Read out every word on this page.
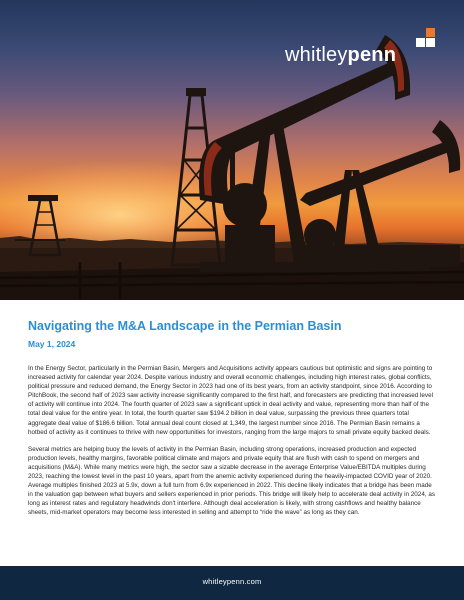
whitleypenn
Navigating the M&A Landscape in the Permian Basin
May 1, 2024

In the Energy Sector, particularly in the Permian Basin, Mergers and Acquisitions activity appears cautious but optimistic and signs are pointing to increased activity for calendar year 2024. Despite various industry and overall economic challenges, including high interest rates, global conflicts, political pressure and reduced demand, the Energy Sector in 2023 had one of its best years, from an activity standpoint, since 2016. According to PitchBook, the second half of 2023 saw activity increase significantly compared to the first half, and forecasters are predicting that increased level of activity will continue into 2024. The fourth quarter of 2023 saw a significant uptick in deal activity and value, representing more than half of the total deal value for the entire year. In total, the fourth quarter saw $194.2 billion in deal value, surpassing the previous three quarters total aggregate deal value of $186.6 billion. Total annual deal count closed at 1,349, the largest number since 2016. The Permian Basin remains a hotbed of activity as it continues to thrive with new opportunities for investors, ranging from the large majors to small private equity backed deals.

Several metrics are helping buoy the levels of activity in the Permian Basin, including strong operations, increased production and expected production levels, healthy margins, favorable political climate and majors and private equity that are flush with cash to spend on mergers and acquisitions (M&A). While many metrics were high, the sector saw a sizable decrease in the average Enterprise Value/EBITDA multiples during 2023, reaching the lowest level in the past 10 years, apart from the anemic activity experienced during the heavily-impacted COVID year of 2020. Average multiples finished 2023 at 5.9x, down a full turn from 6.9x experienced in 2022. This decline likely indicates that a bridge has been made in the valuation gap between what buyers and sellers experienced in prior periods. This bridge will likely help to accelerate deal activity in 2024, as long as interest rates and regulatory headwinds don't interfere. Although deal acceleration is likely, with strong cashflows and healthy balance sheets, mid-market operators may become less interested in selling and attempt to “ride the wave” as long as they can.

whitleypenn.com
